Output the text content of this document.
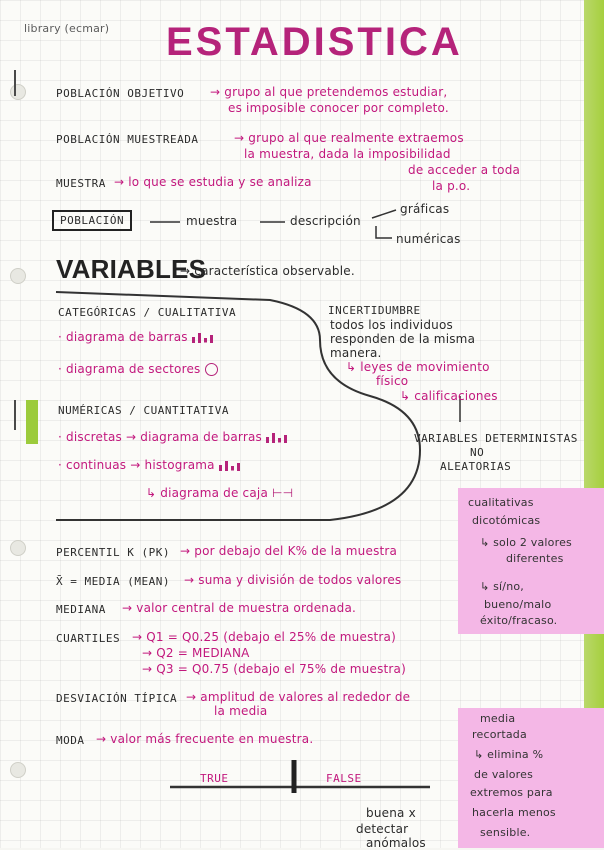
library (ecmar) ESTADISTICA
POBLACIÓN OBJETIVO → grupo al que pretendemos estudiar,
es imposible conocer por completo.
POBLACIÓN MUESTREADA	→ grupo al que realmente extraemos
la muestra, dada la imposibilidad
de acceder a toda
la p.o.
MUESTRA → lo que se estudia y se analiza
POBLACIÓN	muestra	descripción
gráficas
numéricas
VARIABLES
→ característica observable.
CATEGÓRICAS / CUALITATIVA
· diagrama de barras
· diagrama de sectores
NUMÉRICAS / CUANTITATIVA
· discretas → diagrama de barras
· continuas → histograma
↳ diagrama de caja ⊢⊣
INCERTIDUMBRE
todos los individuos
responden de la misma
manera.
↳ leyes de movimiento
físico
↳ calificaciones
VARIABLES DETERMINISTAS
NO
ALEATORIAS
cualitativas
dicotómicas
↳ solo 2 valores
diferentes
↳ sí/no,
bueno/malo
éxito/fracaso.
media
recortada
↳ elimina %
de valores
extremos para
hacerla menos
sensible.
PERCENTIL K (PK) → por debajo del K% de la muestra
X̄ = MEDIA (MEAN) → suma y división de todos valores
MEDIANA → valor central de muestra ordenada.
CUARTILES → Q1 = Q0.25 (debajo el 25% de muestra)
→ Q2 = MEDIANA
→ Q3 = Q0.75 (debajo el 75% de muestra)
DESVIACIÓN TÍPICA → amplitud de valores al rededor de
la media
MODA → valor más frecuente en muestra.
TRUE	FALSE
buena x
detectar
anómalos
